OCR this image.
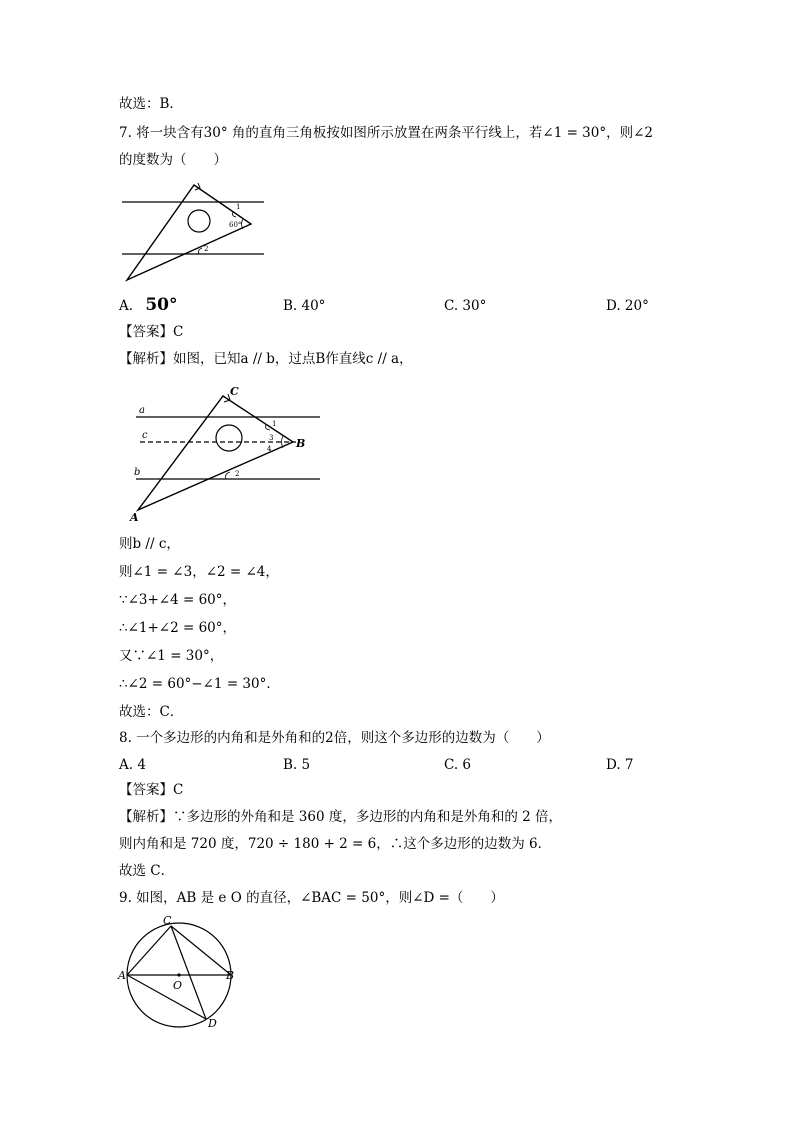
故选：B．
7. 将一块含有30° 角的直角三角板按如图所示放置在两条平行线上，若∠1 = 30°，则∠2
的度数为（　　）
1
60°
2
A. 50°	B. 40°	C. 30°	D. 20°
【答案】C
【解析】如图，已知a // b，过点B作直线c // a，
a
c
b
C
B
A
1
3
4
2
则b // c，
则∠1 = ∠3，∠2 = ∠4，
∵∠3+∠4 = 60°，
∴∠1+∠2 = 60°，
又∵∠1 = 30°，
∴∠2 = 60°−∠1 = 30°．
故选：C．
8. 一个多边形的内角和是外角和的2倍，则这个多边形的边数为（　　）
A. 4	B. 5	C. 6	D. 7
【答案】C
【解析】∵多边形的外角和是 360 度，多边形的内角和是外角和的 2 倍，
则内角和是 720 度，720 ÷ 180 + 2 = 6，∴这个多边形的边数为 6．
故选 C．
9. 如图，AB 是 e O 的直径，∠BAC = 50°，则∠D =（　　）
C
A	B
O
D
